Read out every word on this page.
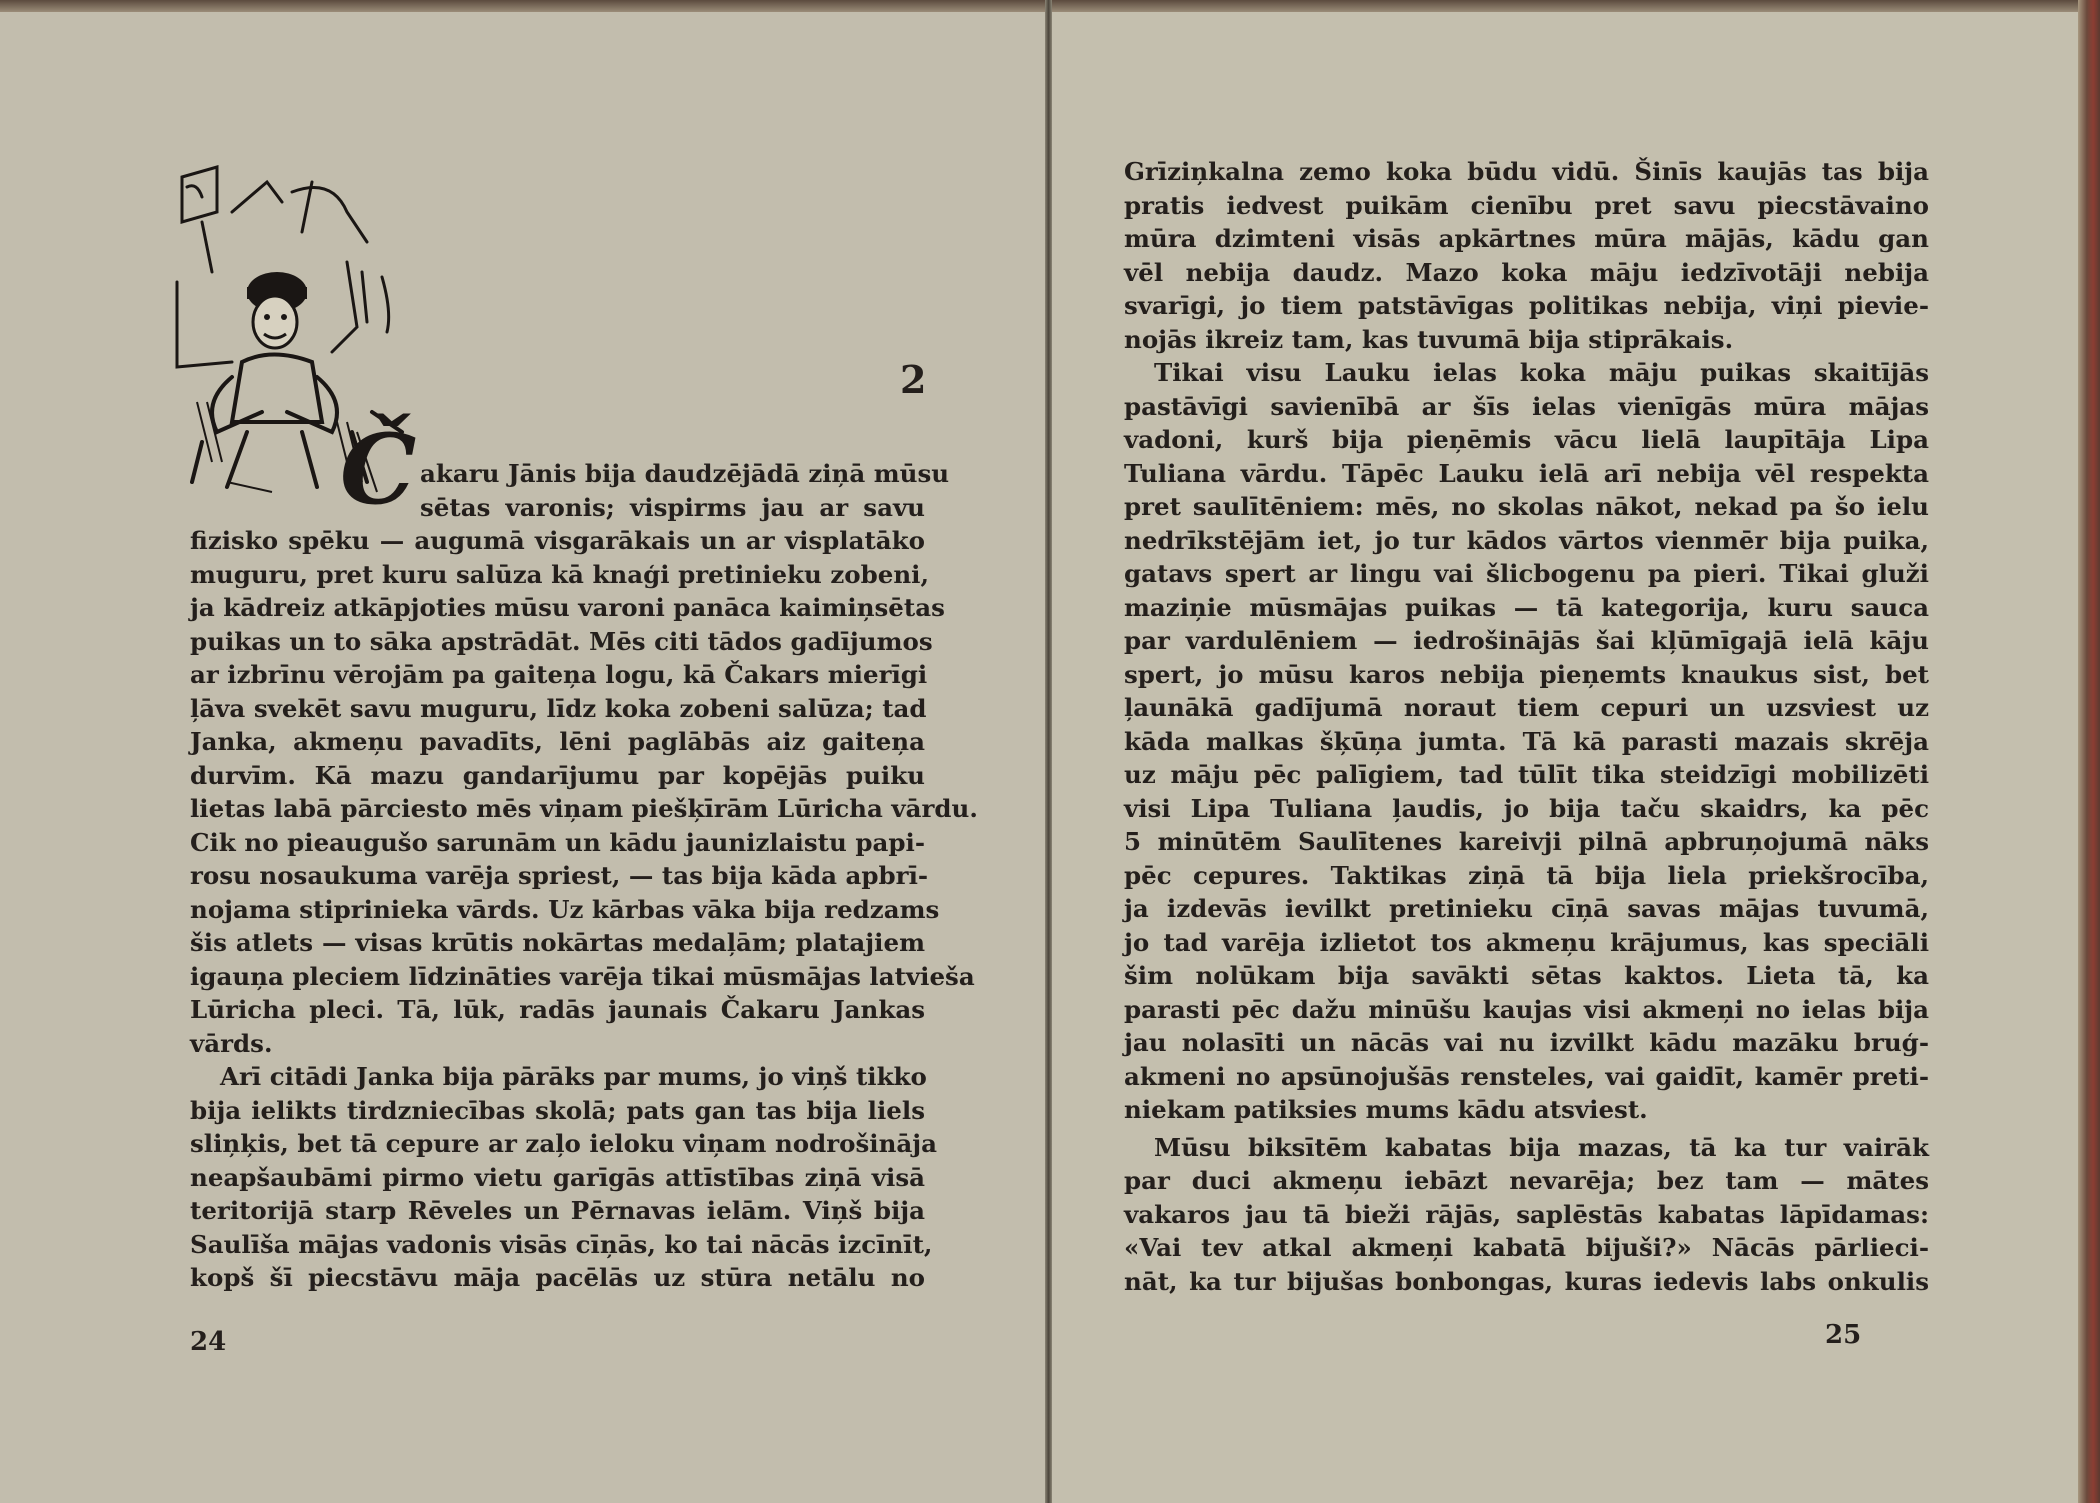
Č
2
akaru Jānis bija daudzējādā ziņā mūsu
sētas varonis; vispirms jau ar savu
fizisko spēku — augumā visgarākais un ar visplatāko
muguru, pret kuru salūza kā knaģi pretinieku zobeni,
ja kādreiz atkāpjoties mūsu varoni panāca kaimiņsētas
puikas un to sāka apstrādāt. Mēs citi tādos gadījumos
ar izbrīnu vērojām pa gaiteņa logu, kā Čakars mierīgi
ļāva svekēt savu muguru, līdz koka zobeni salūza; tad
Janka, akmeņu pavadīts, lēni paglābās aiz gaiteņa
durvīm. Kā mazu gandarījumu par kopējās puiku
lietas labā pārciesto mēs viņam piešķīrām Lūricha vārdu.
Cik no pieaugušo sarunām un kādu jaunizlaistu papi-
rosu nosaukuma varēja spriest, — tas bija kāda apbrī-
nojama stiprinieka vārds. Uz kārbas vāka bija redzams
šis atlets — visas krūtis nokārtas medaļām; platajiem
igauņa pleciem līdzināties varēja tikai mūsmājas latvieša
Lūricha pleci. Tā, lūk, radās jaunais Čakaru Jankas
vārds.
Arī citādi Janka bija pārāks par mums, jo viņš tikko
bija ielikts tirdzniecības skolā; pats gan tas bija liels
sliņķis, bet tā cepure ar zaļo ieloku viņam nodrošināja
neapšaubāmi pirmo vietu garīgās attīstības ziņā visā
teritorijā starp Rēveles un Pērnavas ielām. Viņš bija
Saulīša mājas vadonis visās cīņās, ko tai nācās izcīnīt,
kopš šī piecstāvu māja pacēlās uz stūra netālu no
24
3 ??. 377
Grīziņkalna zemo koka būdu vidū. Šinīs kaujās tas bija
pratis iedvest puikām cienību pret savu piecstāvaino
mūra dzimteni visās apkārtnes mūra mājās, kādu gan
vēl nebija daudz. Mazo koka māju iedzīvotāji nebija
svarīgi, jo tiem patstāvīgas politikas nebija, viņi pievie-
nojās ikreiz tam, kas tuvumā bija stiprākais.
Tikai visu Lauku ielas koka māju puikas skaitījās
pastāvīgi savienībā ar šīs ielas vienīgās mūra mājas
vadoni, kurš bija pieņēmis vācu lielā laupītāja Lipa
Tuliana vārdu. Tāpēc Lauku ielā arī nebija vēl respekta
pret saulītēniem: mēs, no skolas nākot, nekad pa šo ielu
nedrīkstējām iet, jo tur kādos vārtos vienmēr bija puika,
gatavs spert ar lingu vai šlicbogenu pa pieri. Tikai gluži
maziņie mūsmājas puikas — tā kategorija, kuru sauca
par vardulēniem — iedrošinājās šai kļūmīgajā ielā kāju
spert, jo mūsu karos nebija pieņemts knaukus sist, bet
ļaunākā gadījumā noraut tiem cepuri un uzsviest uz
kāda malkas šķūņa jumta. Tā kā parasti mazais skrēja
uz māju pēc palīgiem, tad tūlīt tika steidzīgi mobilizēti
visi Lipa Tuliana ļaudis, jo bija taču skaidrs, ka pēc
5 minūtēm Saulītenes kareivji pilnā apbruņojumā nāks
pēc cepures. Taktikas ziņā tā bija liela priekšrocība,
ja izdevās ievilkt pretinieku cīņā savas mājas tuvumā,
jo tad varēja izlietot tos akmeņu krājumus, kas speciāli
šim nolūkam bija savākti sētas kaktos. Lieta tā, ka
parasti pēc dažu minūšu kaujas visi akmeņi no ielas bija
jau nolasīti un nācās vai nu izvilkt kādu mazāku bruģ-
akmeni no apsūnojušās rensteles, vai gaidīt, kamēr preti-
niekam patiksies mums kādu atsviest.
Mūsu biksītēm kabatas bija mazas, tā ka tur vairāk
par duci akmeņu iebāzt nevarēja; bez tam — mātes
vakaros jau tā bieži rājās, saplēstās kabatas lāpīdamas:
«Vai tev atkal akmeņi kabatā bijuši?» Nācās pārlieci-
nāt, ka tur bijušas bonbongas, kuras iedevis labs onkulis
25
